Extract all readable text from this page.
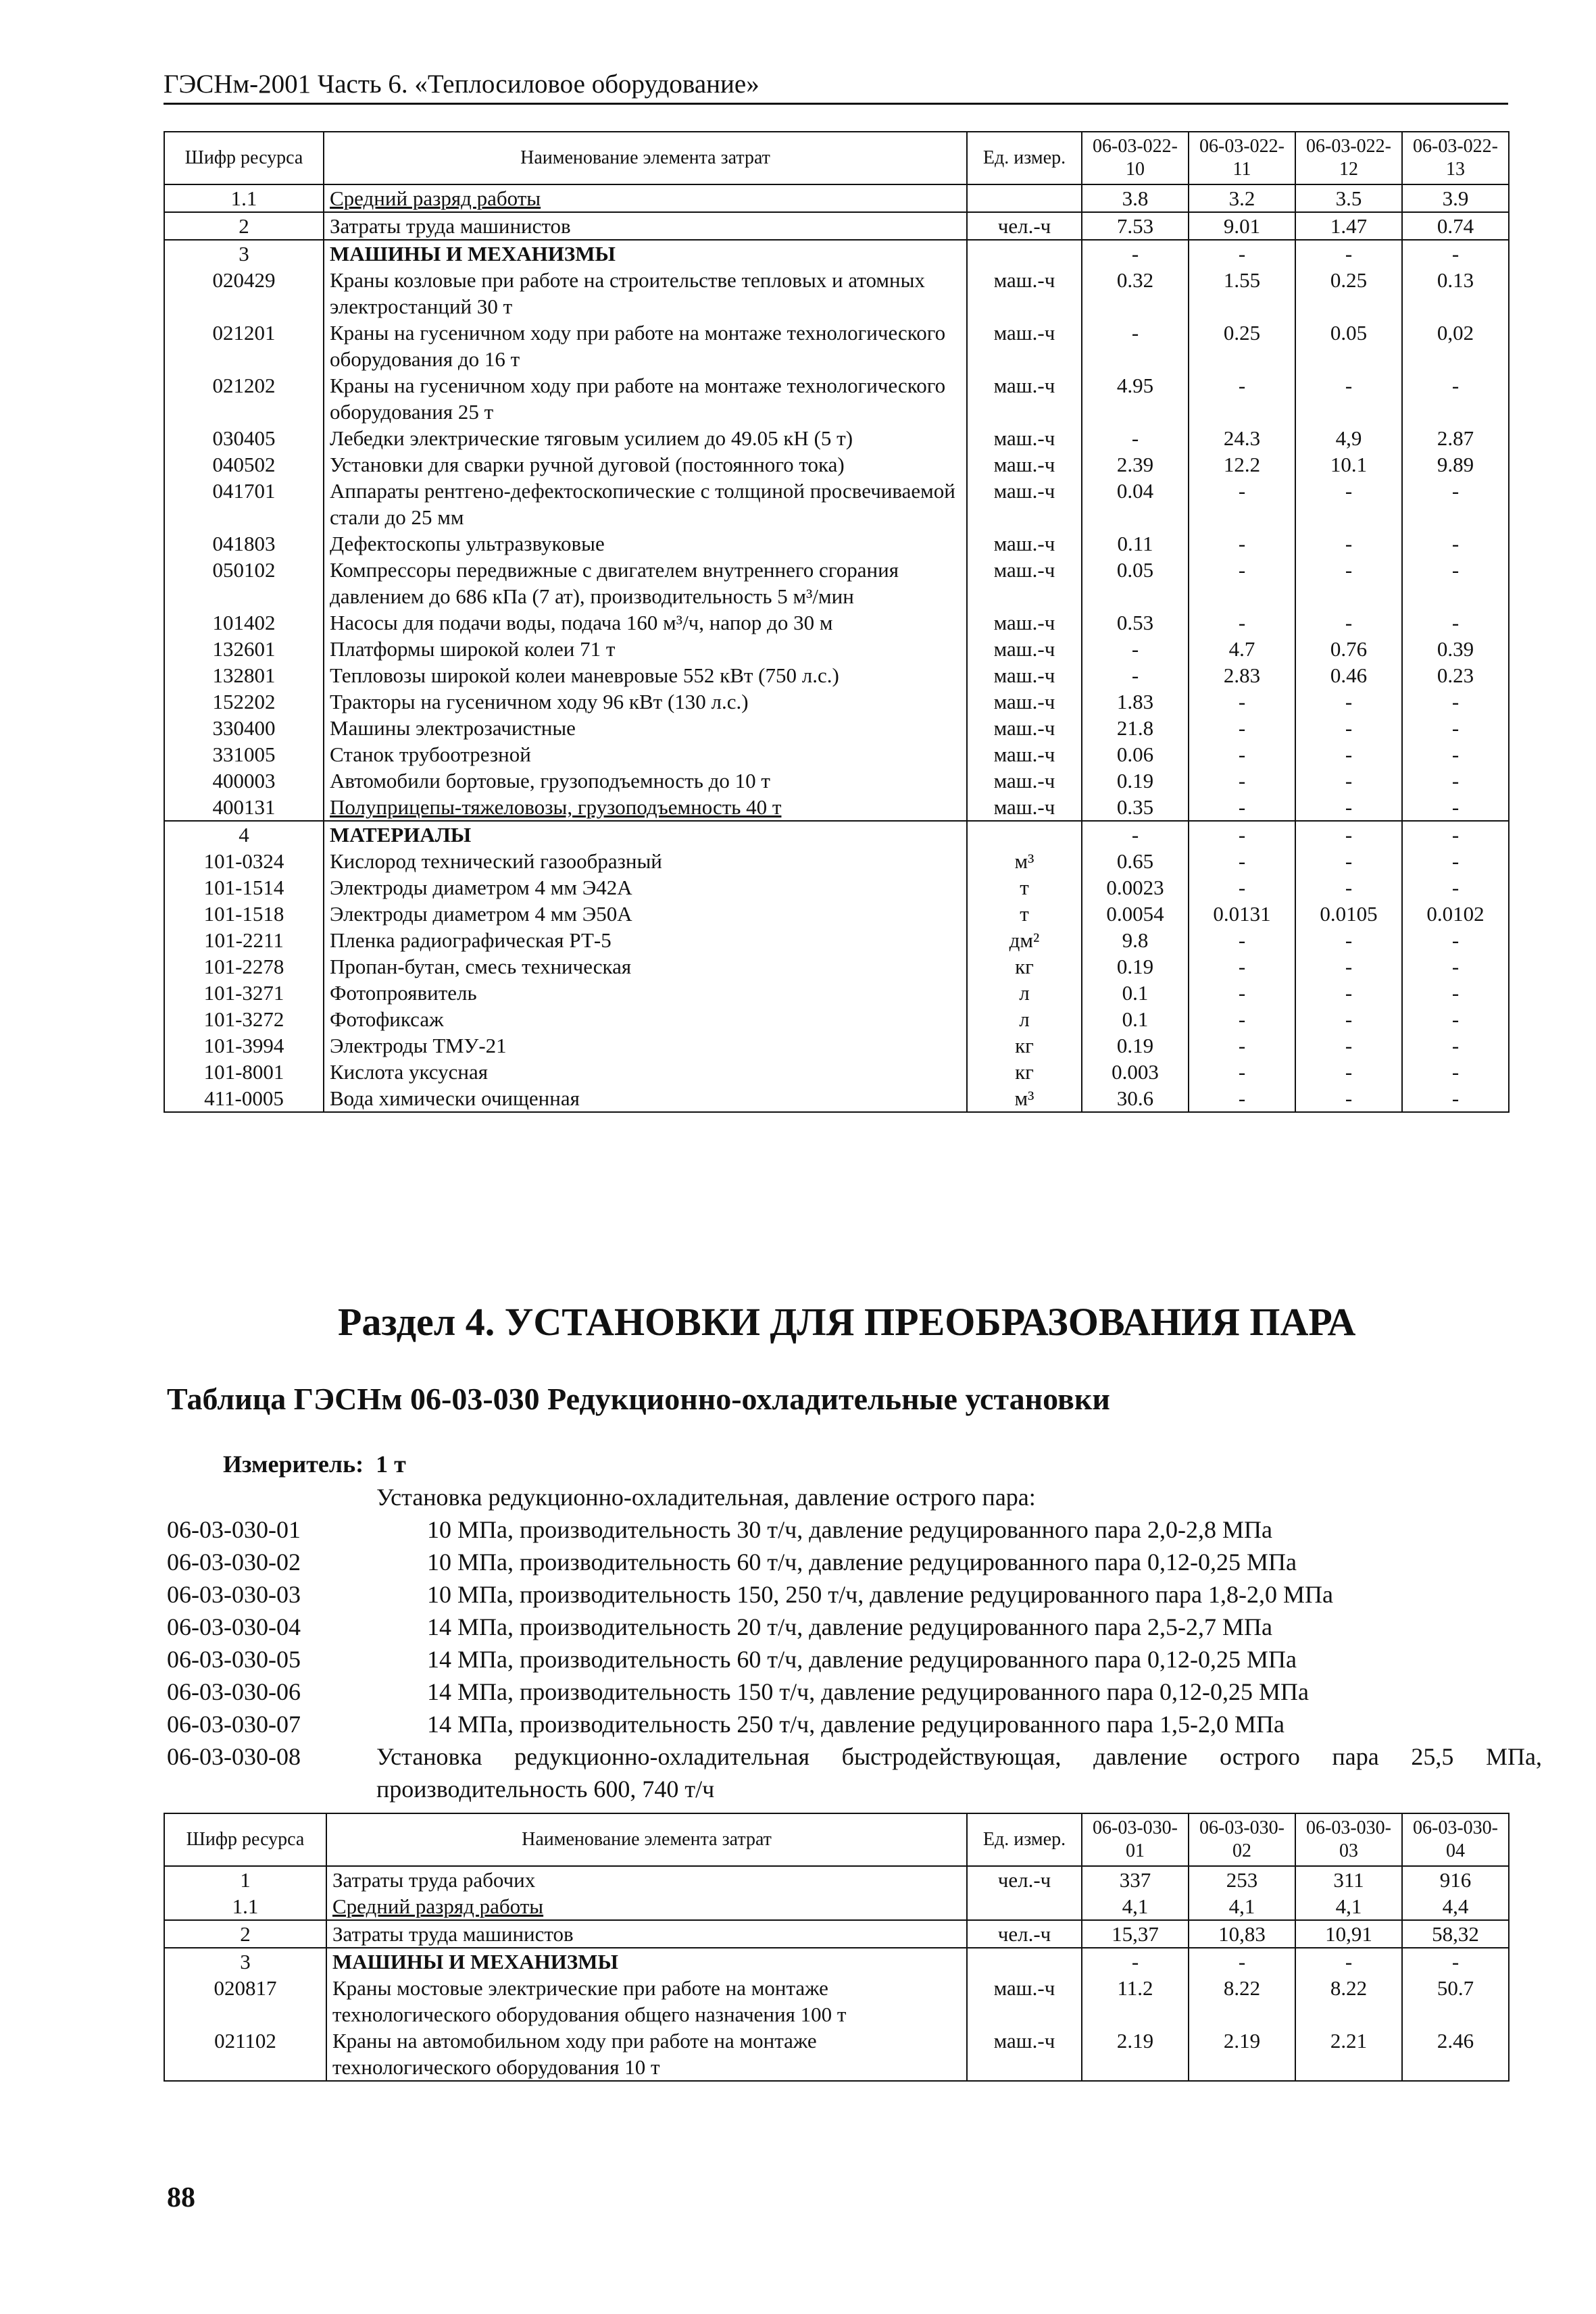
ГЭСНм-2001 Часть 6. «Теплосиловое оборудование»
Шифр ресурса	Наименование элемента затрат	Ед. измер.	06-03-022-10	06-03-022-11	06-03-022-12	06-03-022-13
1.1	Средний разряд работы		3.8	3.2	3.5	3.9
2	Затраты труда машинистов	чел.-ч	7.53	9.01	1.47	0.74
3	МАШИНЫ И МЕХАНИЗМЫ		-	-	-	-
020429	Краны козловые при работе на строительстве тепловых и атомных электростанций 30 т	маш.-ч	0.32	1.55	0.25	0.13
021201	Краны на гусеничном ходу при работе на монтаже технологического оборудования до 16 т	маш.-ч	-	0.25	0.05	0,02
021202	Краны на гусеничном ходу при работе на монтаже технологического оборудования 25 т	маш.-ч	4.95	-	-	-
030405	Лебедки электрические тяговым усилием до 49.05 кН (5 т)	маш.-ч	-	24.3	4,9	2.87
040502	Установки для сварки ручной дуговой (постоянного тока)	маш.-ч	2.39	12.2	10.1	9.89
041701	Аппараты рентгено-дефектоскопические с толщиной просвечиваемой стали до 25 мм	маш.-ч	0.04	-	-	-
041803	Дефектоскопы ультразвуковые	маш.-ч	0.11	-	-	-
050102	Компрессоры передвижные с двигателем внутреннего сгорания давлением до 686 кПа (7 ат), производительность 5 м³/мин	маш.-ч	0.05	-	-	-
101402	Насосы для подачи воды, подача 160 м³/ч, напор до 30 м	маш.-ч	0.53	-	-	-
132601	Платформы широкой колеи 71 т	маш.-ч	-	4.7	0.76	0.39
132801	Тепловозы широкой колеи маневровые 552 кВт (750 л.с.)	маш.-ч	-	2.83	0.46	0.23
152202	Тракторы на гусеничном ходу 96 кВт (130 л.с.)	маш.-ч	1.83	-	-	-
330400	Машины электрозачистные	маш.-ч	21.8	-	-	-
331005	Станок трубоотрезной	маш.-ч	0.06	-	-	-
400003	Автомобили бортовые, грузоподъемность до 10 т	маш.-ч	0.19	-	-	-
400131	Полуприцепы-тяжеловозы, грузоподъемность 40 т	маш.-ч	0.35	-	-	-
4	МАТЕРИАЛЫ		-	-	-	-
101-0324	Кислород технический газообразный	м³	0.65	-	-	-
101-1514	Электроды диаметром 4 мм Э42А	т	0.0023	-	-	-
101-1518	Электроды диаметром 4 мм Э50А	т	0.0054	0.0131	0.0105	0.0102
101-2211	Пленка радиографическая РТ-5	дм²	9.8	-	-	-
101-2278	Пропан-бутан, смесь техническая	кг	0.19	-	-	-
101-3271	Фотопроявитель	л	0.1	-	-	-
101-3272	Фотофиксаж	л	0.1	-	-	-
101-3994	Электроды ТМУ-21	кг	0.19	-	-	-
101-8001	Кислота уксусная	кг	0.003	-	-	-
411-0005	Вода химически очищенная	м³	30.6	-	-	-
Раздел 4. УСТАНОВКИ ДЛЯ ПРЕОБРАЗОВАНИЯ ПАРА
Таблица ГЭСНм 06-03-030 Редукционно-охладительные установки
Измеритель: 1 т
Установка редукционно-охладительная, давление острого пара:
06-03-030-01	10 МПа, производительность 30 т/ч, давление редуцированного пара 2,0-2,8 МПа
06-03-030-02	10 МПа, производительность 60 т/ч, давление редуцированного пара 0,12-0,25 МПа
06-03-030-03	10 МПа, производительность 150, 250 т/ч, давление редуцированного пара 1,8-2,0 МПа
06-03-030-04	14 МПа, производительность 20 т/ч, давление редуцированного пара 2,5-2,7 МПа
06-03-030-05	14 МПа, производительность 60 т/ч, давление редуцированного пара 0,12-0,25 МПа
06-03-030-06	14 МПа, производительность 150 т/ч, давление редуцированного пара 0,12-0,25 МПа
06-03-030-07	14 МПа, производительность 250 т/ч, давление редуцированного пара 1,5-2,0 МПа
06-03-030-08	Установка редукционно-охладительная быстродействующая, давление острого пара 25,5 МПа, производительность 600, 740 т/ч
Шифр ресурса	Наименование элемента затрат	Ед. измер.	06-03-030-01	06-03-030-02	06-03-030-03	06-03-030-04
1	Затраты труда рабочих	чел.-ч	337	253	311	916
1.1	Средний разряд работы		4,1	4,1	4,1	4,4
2	Затраты труда машинистов	чел.-ч	15,37	10,83	10,91	58,32
3	МАШИНЫ И МЕХАНИЗМЫ		-	-	-	-
020817	Краны мостовые электрические при работе на монтаже технологического оборудования общего назначения 100 т	маш.-ч	11.2	8.22	8.22	50.7
021102	Краны на автомобильном ходу при работе на монтаже технологического оборудования 10 т	маш.-ч	2.19	2.19	2.21	2.46
88
